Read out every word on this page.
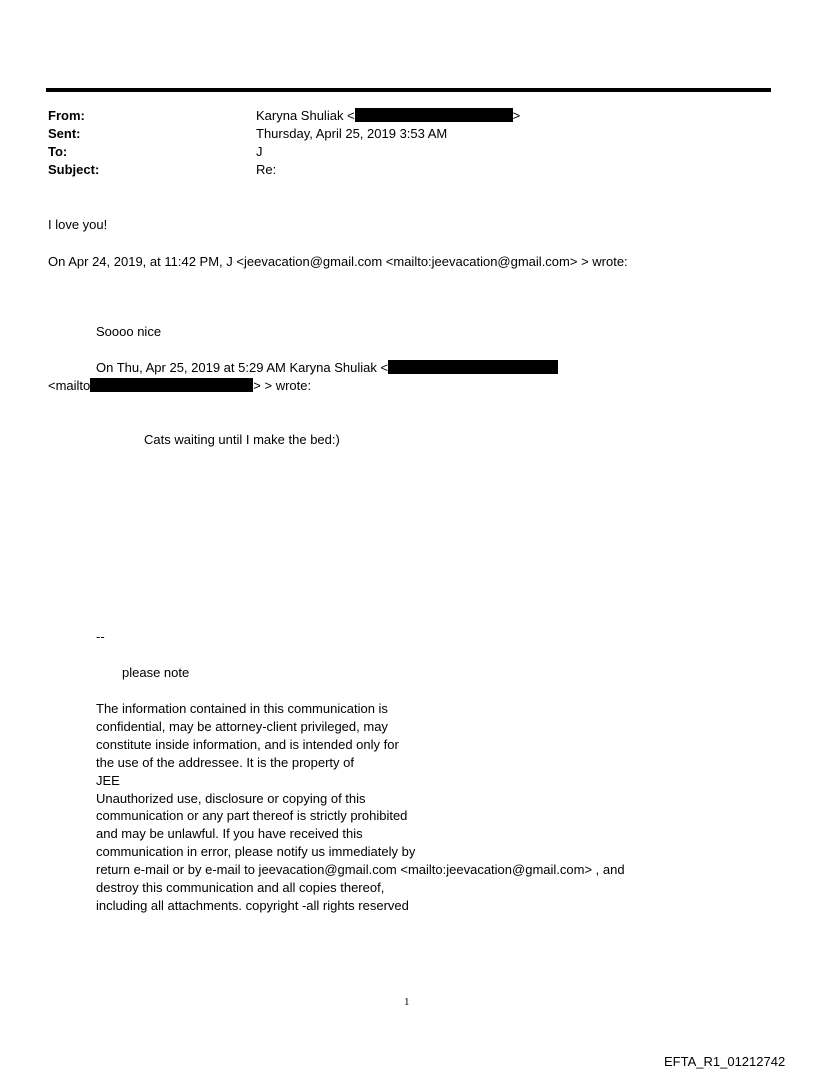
From:	Karyna Shuliak <	>
Sent:	Thursday, April 25, 2019 3:53 AM
To:	J
Subject:	Re:
I love you!
On Apr 24, 2019, at 11:42 PM, J <jeevacation@gmail.com <mailto:jeevacation@gmail.com> > wrote:
Soooo nice
On Thu, Apr 25, 2019 at 5:29 AM Karyna Shuliak <
<mailto	> > wrote:
Cats waiting until I make the bed:)
--
please note
The information contained in this communication is
confidential, may be attorney-client privileged, may
constitute inside information, and is intended only for
the use of the addressee. It is the property of
JEE
Unauthorized use, disclosure or copying of this
communication or any part thereof is strictly prohibited
and may be unlawful. If you have received this
communication in error, please notify us immediately by
return e-mail or by e-mail to jeevacation@gmail.com <mailto:jeevacation@gmail.com> , and
destroy this communication and all copies thereof,
including all attachments. copyright -all rights reserved
1
EFTA_R1_01212742
